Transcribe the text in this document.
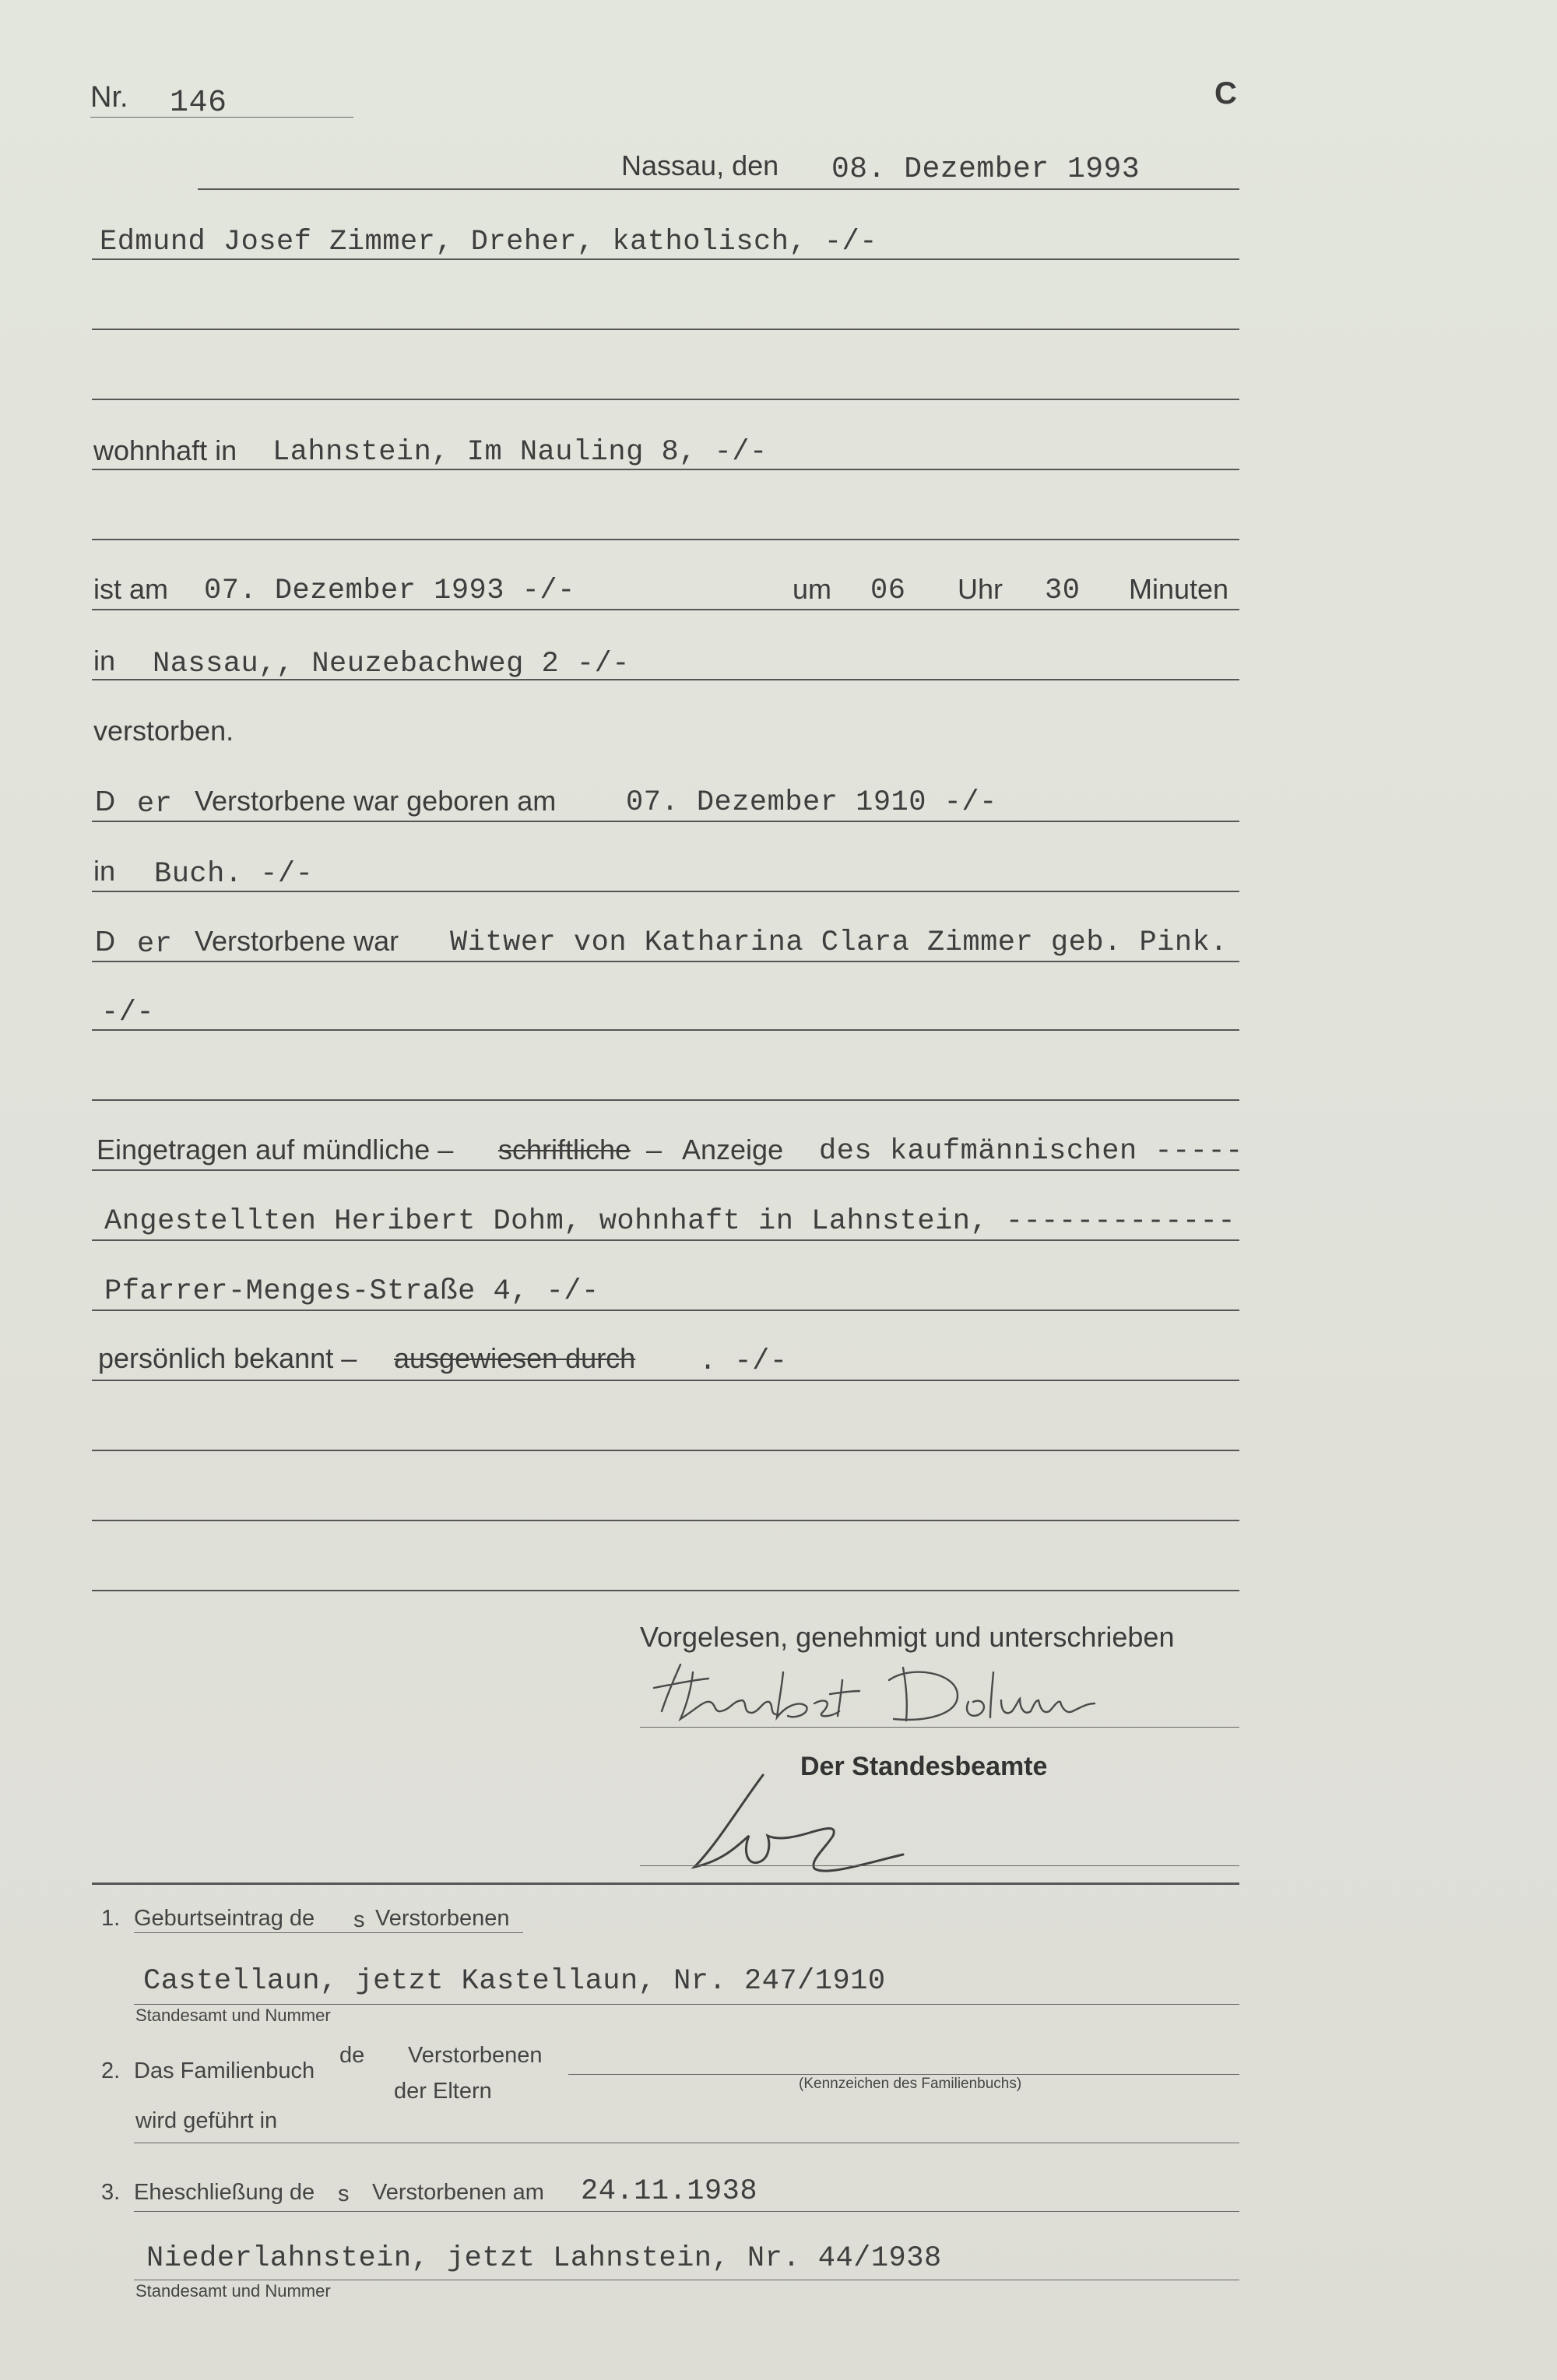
Nr. 146	C
Nassau, den 08. Dezember 1993
Edmund Josef Zimmer, Dreher, katholisch, -/-
wohnhaft in Lahnstein, Im Nauling 8, -/-
ist am 07. Dezember 1993 -/-	um 06 Uhr 30 Minuten
in Nassau,, Neuzebachweg 2 -/-
verstorben.
D er Verstorbene war geboren am 07. Dezember 1910 -/-
in Buch. -/-
D er Verstorbene war Witwer von Katharina Clara Zimmer geb. Pink.
-/-
Eingetragen auf mündliche – schriftliche – Anzeige des kaufmännischen -----
Angestellten Heribert Dohm, wohnhaft in Lahnstein, -------------
Pfarrer-Menges-Straße 4, -/-
persönlich bekannt – ausgewiesen durch . -/-
Vorgelesen, genehmigt und unterschrieben
Der Standesbeamte
1. Geburtseintrag de s Verstorbenen
Castellaun, jetzt Kastellaun, Nr. 247/1910
Standesamt und Nummer
2. Das Familienbuch
de Verstorbenen
der Eltern	(Kennzeichen des Familienbuchs)
wird geführt in
3. Eheschließung de s Verstorbenen am 24.11.1938
Niederlahnstein, jetzt Lahnstein, Nr. 44/1938
Standesamt und Nummer
